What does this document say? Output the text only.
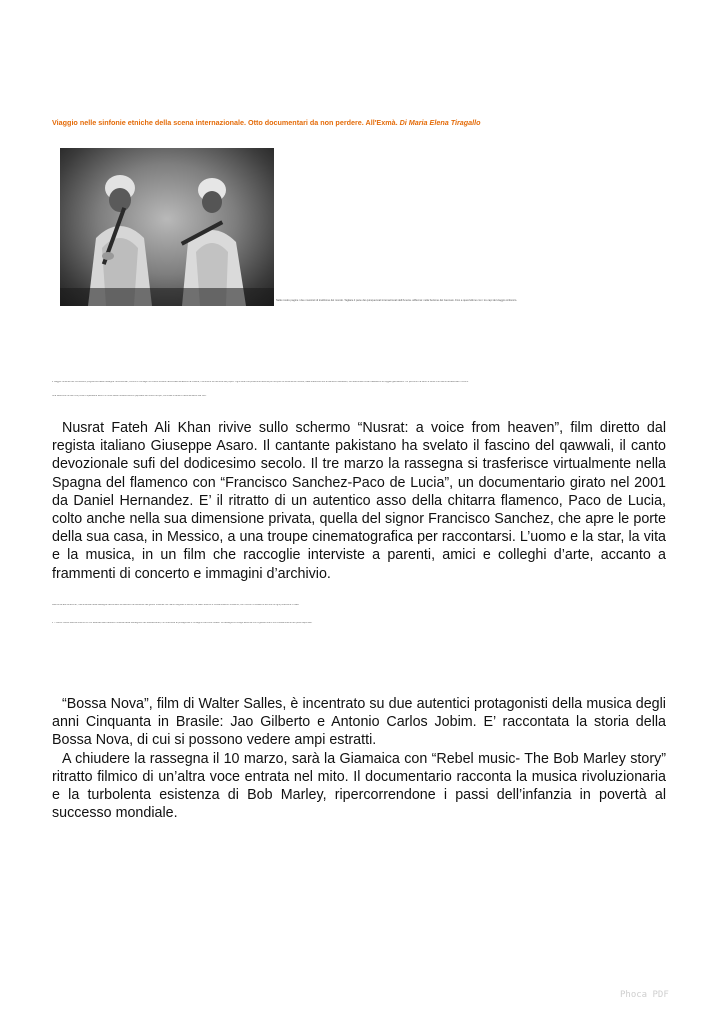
Viaggio nelle sinfonie etniche della scena internazionale. Otto documentari da non perdere. All'Exmà. Di Maria Elena Tiragallo
Nelle nostre pagine i due musicisti di tradizione del mondo. Tagliare il pane dei quinquennali internazionali dell'Ameria. all'Exmà: nella Sezione del Gennaio. Fino a quest'ultimo con i tre capi del viaggio sinfonico.
Il viaggio continua nel ricchissimo programma della rassegna: documentari, incontri e immagini di culture lontane raccontate attraverso la musica, il cinema e la memoria dei popoli. Ogni sera una proiezione diversa per scoprire le sonorità del mondo, dalla tradizione sufi al flamenco andaluso, fino alla bossa nova brasiliana e al reggae giamaicano. Un percorso tra suoni e storie che hanno attraversato i confini.
Una selezione di titoli che porta lo spettatore dentro il cuore della musica etnica e popolare del nostro tempo, tra ritratti di artisti e testimonianze dal vivo.

Nusrat Fateh Ali Khan rivive sullo schermo “Nusrat: a voice from heaven”, film diretto dal regista italiano Giuseppe Asaro. Il cantante pakistano ha svelato il fascino del qawwali, il canto devozionale sufi del dodicesimo secolo. Il tre marzo la rassegna si trasferisce virtualmente nella Spagna del flamenco con “Francisco Sanchez-Paco de Lucia”, un documentario girato nel 2001 da Daniel Hernandez. E’ il ritratto di un autentico asso della chitarra flamenco, Paco de Lucia, colto anche nella sua dimensione privata, quella del signor Francisco Sanchez, che apre le porte della sua casa, in Messico, a una troupe cinematografica per raccontarsi. L’uomo e la star, la vita e la musica, in un film che raccoglie interviste a parenti, amici e colleghi d’arte, accanto a frammenti di concerto e immagini d’archivio.

Dall'Africa alle Americhe, i documentari della rassegna raccontano la nascita e la diffusione dei generi musicali che hanno segnato il secolo, tra radici antiche e contaminazioni moderne, con incontri e dibattiti al termine di ogni proiezione in sala.
Il 7 marzo invece sarà la volta di un film dedicato alle tradizioni musicali della Sardegna e del Mediterraneo, con interviste ai protagonisti e immagini d'archivio inedite. La rassegna si svolge all'Exmà con ingresso libero fino a esaurimento dei posti disponibili.

“Bossa Nova”, film di Walter Salles, è incentrato su due autentici protagonisti della musica degli anni Cinquanta in Brasile: Jao Gilberto e Antonio Carlos Jobim. E’ raccontata la storia della Bossa Nova, di cui si possono vedere ampi estratti.

A chiudere la rassegna il 10 marzo, sarà la Giamaica con “Rebel music- The Bob Marley story” ritratto filmico di un’altra voce entrata nel mito. Il documentario racconta la musica rivoluzionaria e la turbolenta esistenza di Bob Marley, ripercorrendone i passi dell’infanzia in povertà al successo mondiale.

Phoca PDF
